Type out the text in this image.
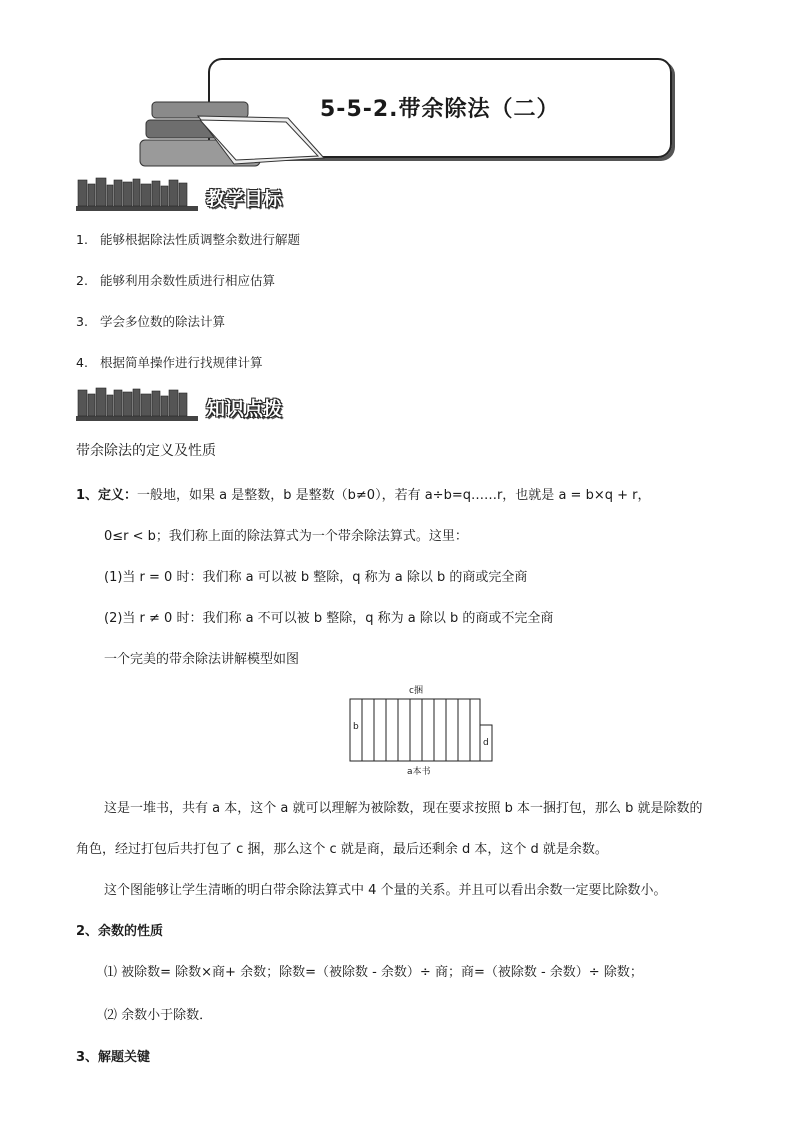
5-5-2.带余除法（二）
教学目标
1. 能够根据除法性质调整余数进行解题
2. 能够利用余数性质进行相应估算
3. 学会多位数的除法计算
4. 根据简单操作进行找规律计算
知识点拨
带余除法的定义及性质
1、定义：一般地，如果 a 是整数，b 是整数（b≠0），若有 a÷b=q……r，也就是 a = b×q + r，
0≤r < b；我们称上面的除法算式为一个带余除法算式。这里：
(1)当 r = 0 时：我们称 a 可以被 b 整除，q 称为 a 除以 b 的商或完全商
(2)当 r ≠ 0 时：我们称 a 不可以被 b 整除，q 称为 a 除以 b 的商或不完全商
一个完美的带余除法讲解模型如图
c捆
b
d
a本书
这是一堆书，共有 a 本，这个 a 就可以理解为被除数，现在要求按照 b 本一捆打包，那么 b 就是除数的
角色，经过打包后共打包了 c 捆，那么这个 c 就是商，最后还剩余 d 本，这个 d 就是余数。
这个图能够让学生清晰的明白带余除法算式中 4 个量的关系。并且可以看出余数一定要比除数小。
2、余数的性质
⑴ 被除数= 除数×商+ 余数；除数=（被除数 - 余数）÷ 商；商=（被除数 - 余数）÷ 除数；
⑵ 余数小于除数．
3、解题关键
